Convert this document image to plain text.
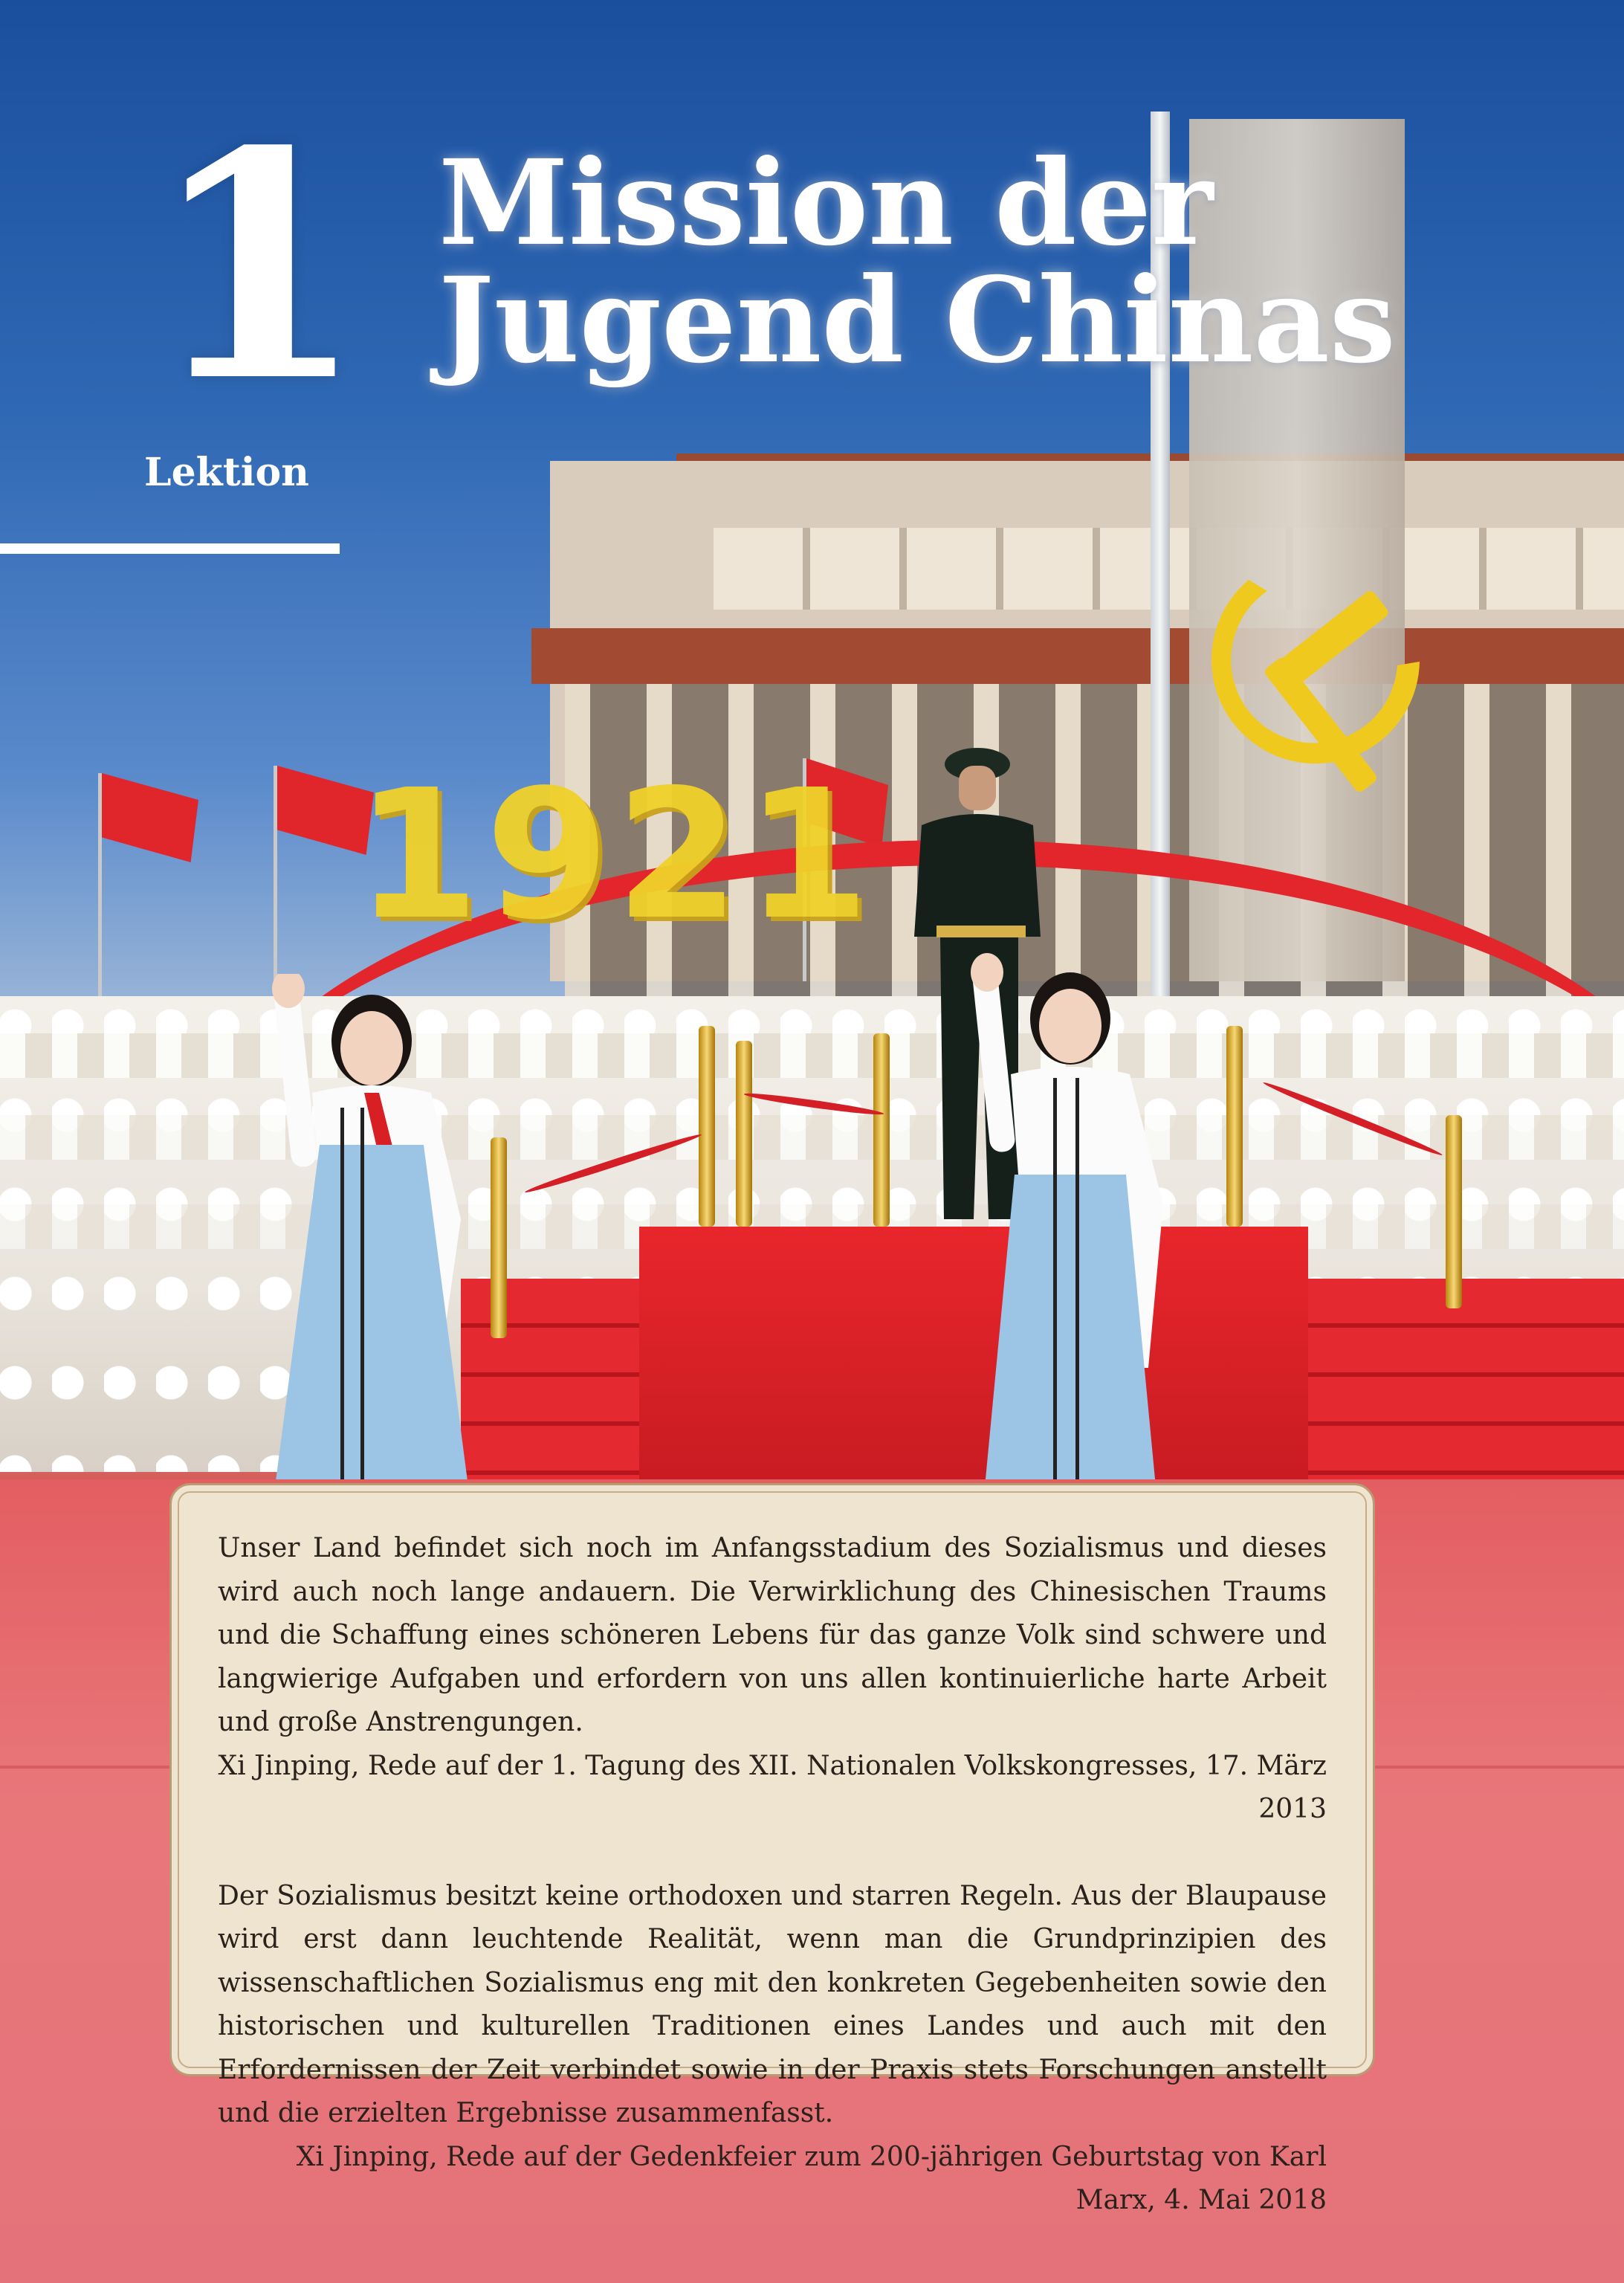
1921
1
Lektion
Mission der
Jugend Chinas

Unser Land befindet sich noch im Anfangsstadium des Sozialismus und dieses wird auch noch lange andauern. Die Verwirklichung des Chinesischen Traums und die Schaffung eines schöneren Lebens für das ganze Volk sind schwere und langwierige Aufgaben und erfordern von uns allen kontinuierliche harte Arbeit und große Anstrengungen.

Xi Jinping, Rede auf der 1. Tagung des XII. Nationalen Volkskongresses, 17. März 2013

Der Sozialismus besitzt keine orthodoxen und starren Regeln. Aus der Blaupause wird erst dann leuchtende Realität, wenn man die Grundprinzipien des wissenschaftlichen Sozialismus eng mit den konkreten Gegebenheiten sowie den historischen und kulturellen Traditionen eines Landes und auch mit den Erfordernissen der Zeit verbindet sowie in der Praxis stets Forschungen anstellt und die erzielten Ergebnisse zusammenfasst.

Xi Jinping, Rede auf der Gedenkfeier zum 200-jährigen Geburtstag von Karl Marx, 4. Mai 2018
